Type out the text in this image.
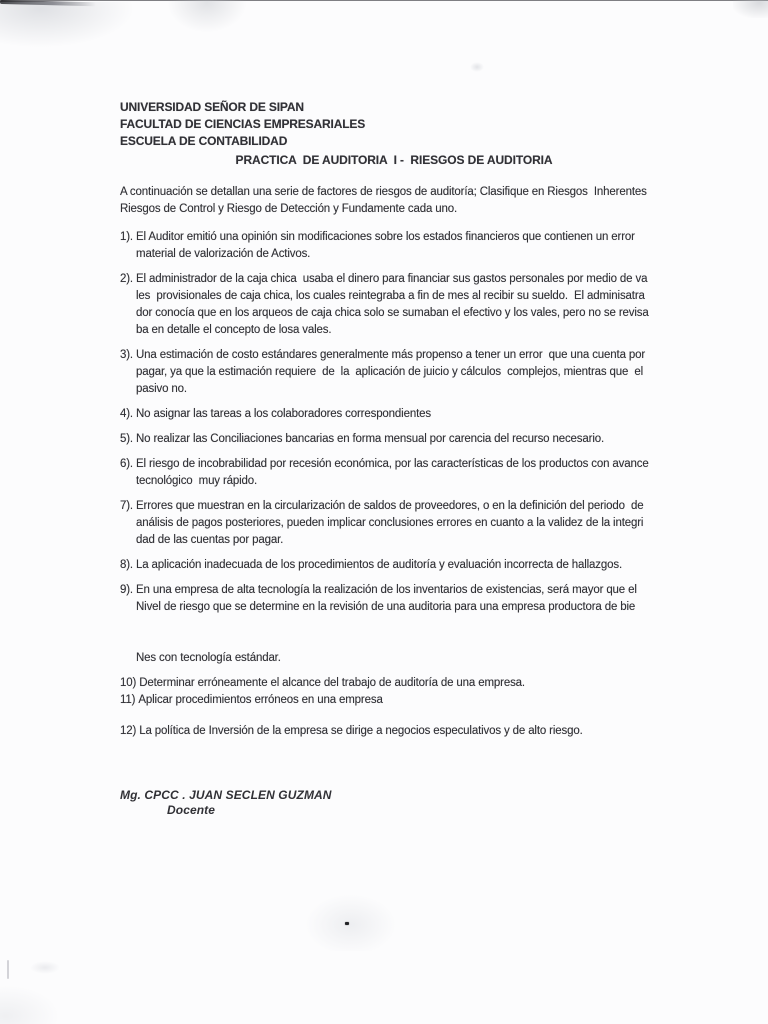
UNIVERSIDAD SEÑOR DE SIPAN
FACULTAD DE CIENCIAS EMPRESARIALES
ESCUELA DE CONTABILIDAD
PRACTICA  DE AUDITORIA  I -  RIESGOS DE AUDITORIA
A continuación se detallan una serie de factores de riesgos de auditoría; Clasifique en Riesgos  Inherentes
Riesgos de Control y Riesgo de Detección y Fundamente cada uno.
1). El Auditor emitió una opinión sin modificaciones sobre los estados financieros que contienen un error
material de valorización de Activos.
2). El administrador de la caja chica  usaba el dinero para financiar sus gastos personales por medio de va
les  provisionales de caja chica, los cuales reintegraba a fin de mes al recibir su sueldo.  El adminisatra
dor conocía que en los arqueos de caja chica solo se sumaban el efectivo y los vales, pero no se revisa
ba en detalle el concepto de losa vales.
3). Una estimación de costo estándares generalmente más propenso a tener un error  que una cuenta por
pagar, ya que la estimación requiere  de  la  aplicación de juicio y cálculos  complejos, mientras que  el
pasivo no.
4). No asignar las tareas a los colaboradores correspondientes
5). No realizar las Conciliaciones bancarias en forma mensual por carencia del recurso necesario.
6). El riesgo de incobrabilidad por recesión económica, por las características de los productos con avance
tecnológico  muy rápido.
7). Errores que muestran en la circularización de saldos de proveedores, o en la definición del periodo  de
análisis de pagos posteriores, pueden implicar conclusiones errores en cuanto a la validez de la integri
dad de las cuentas por pagar.
8). La aplicación inadecuada de los procedimientos de auditoría y evaluación incorrecta de hallazgos.
9). En una empresa de alta tecnología la realización de los inventarios de existencias, será mayor que el
Nivel de riesgo que se determine en la revisión de una auditoria para una empresa productora de bie
Nes con tecnología estándar.
10) Determinar erróneamente el alcance del trabajo de auditoría de una empresa.
11) Aplicar procedimientos erróneos en una empresa
12) La política de Inversión de la empresa se dirige a negocios especulativos y de alto riesgo.
Mg. CPCC . JUAN SECLEN GUZMAN
Docente
